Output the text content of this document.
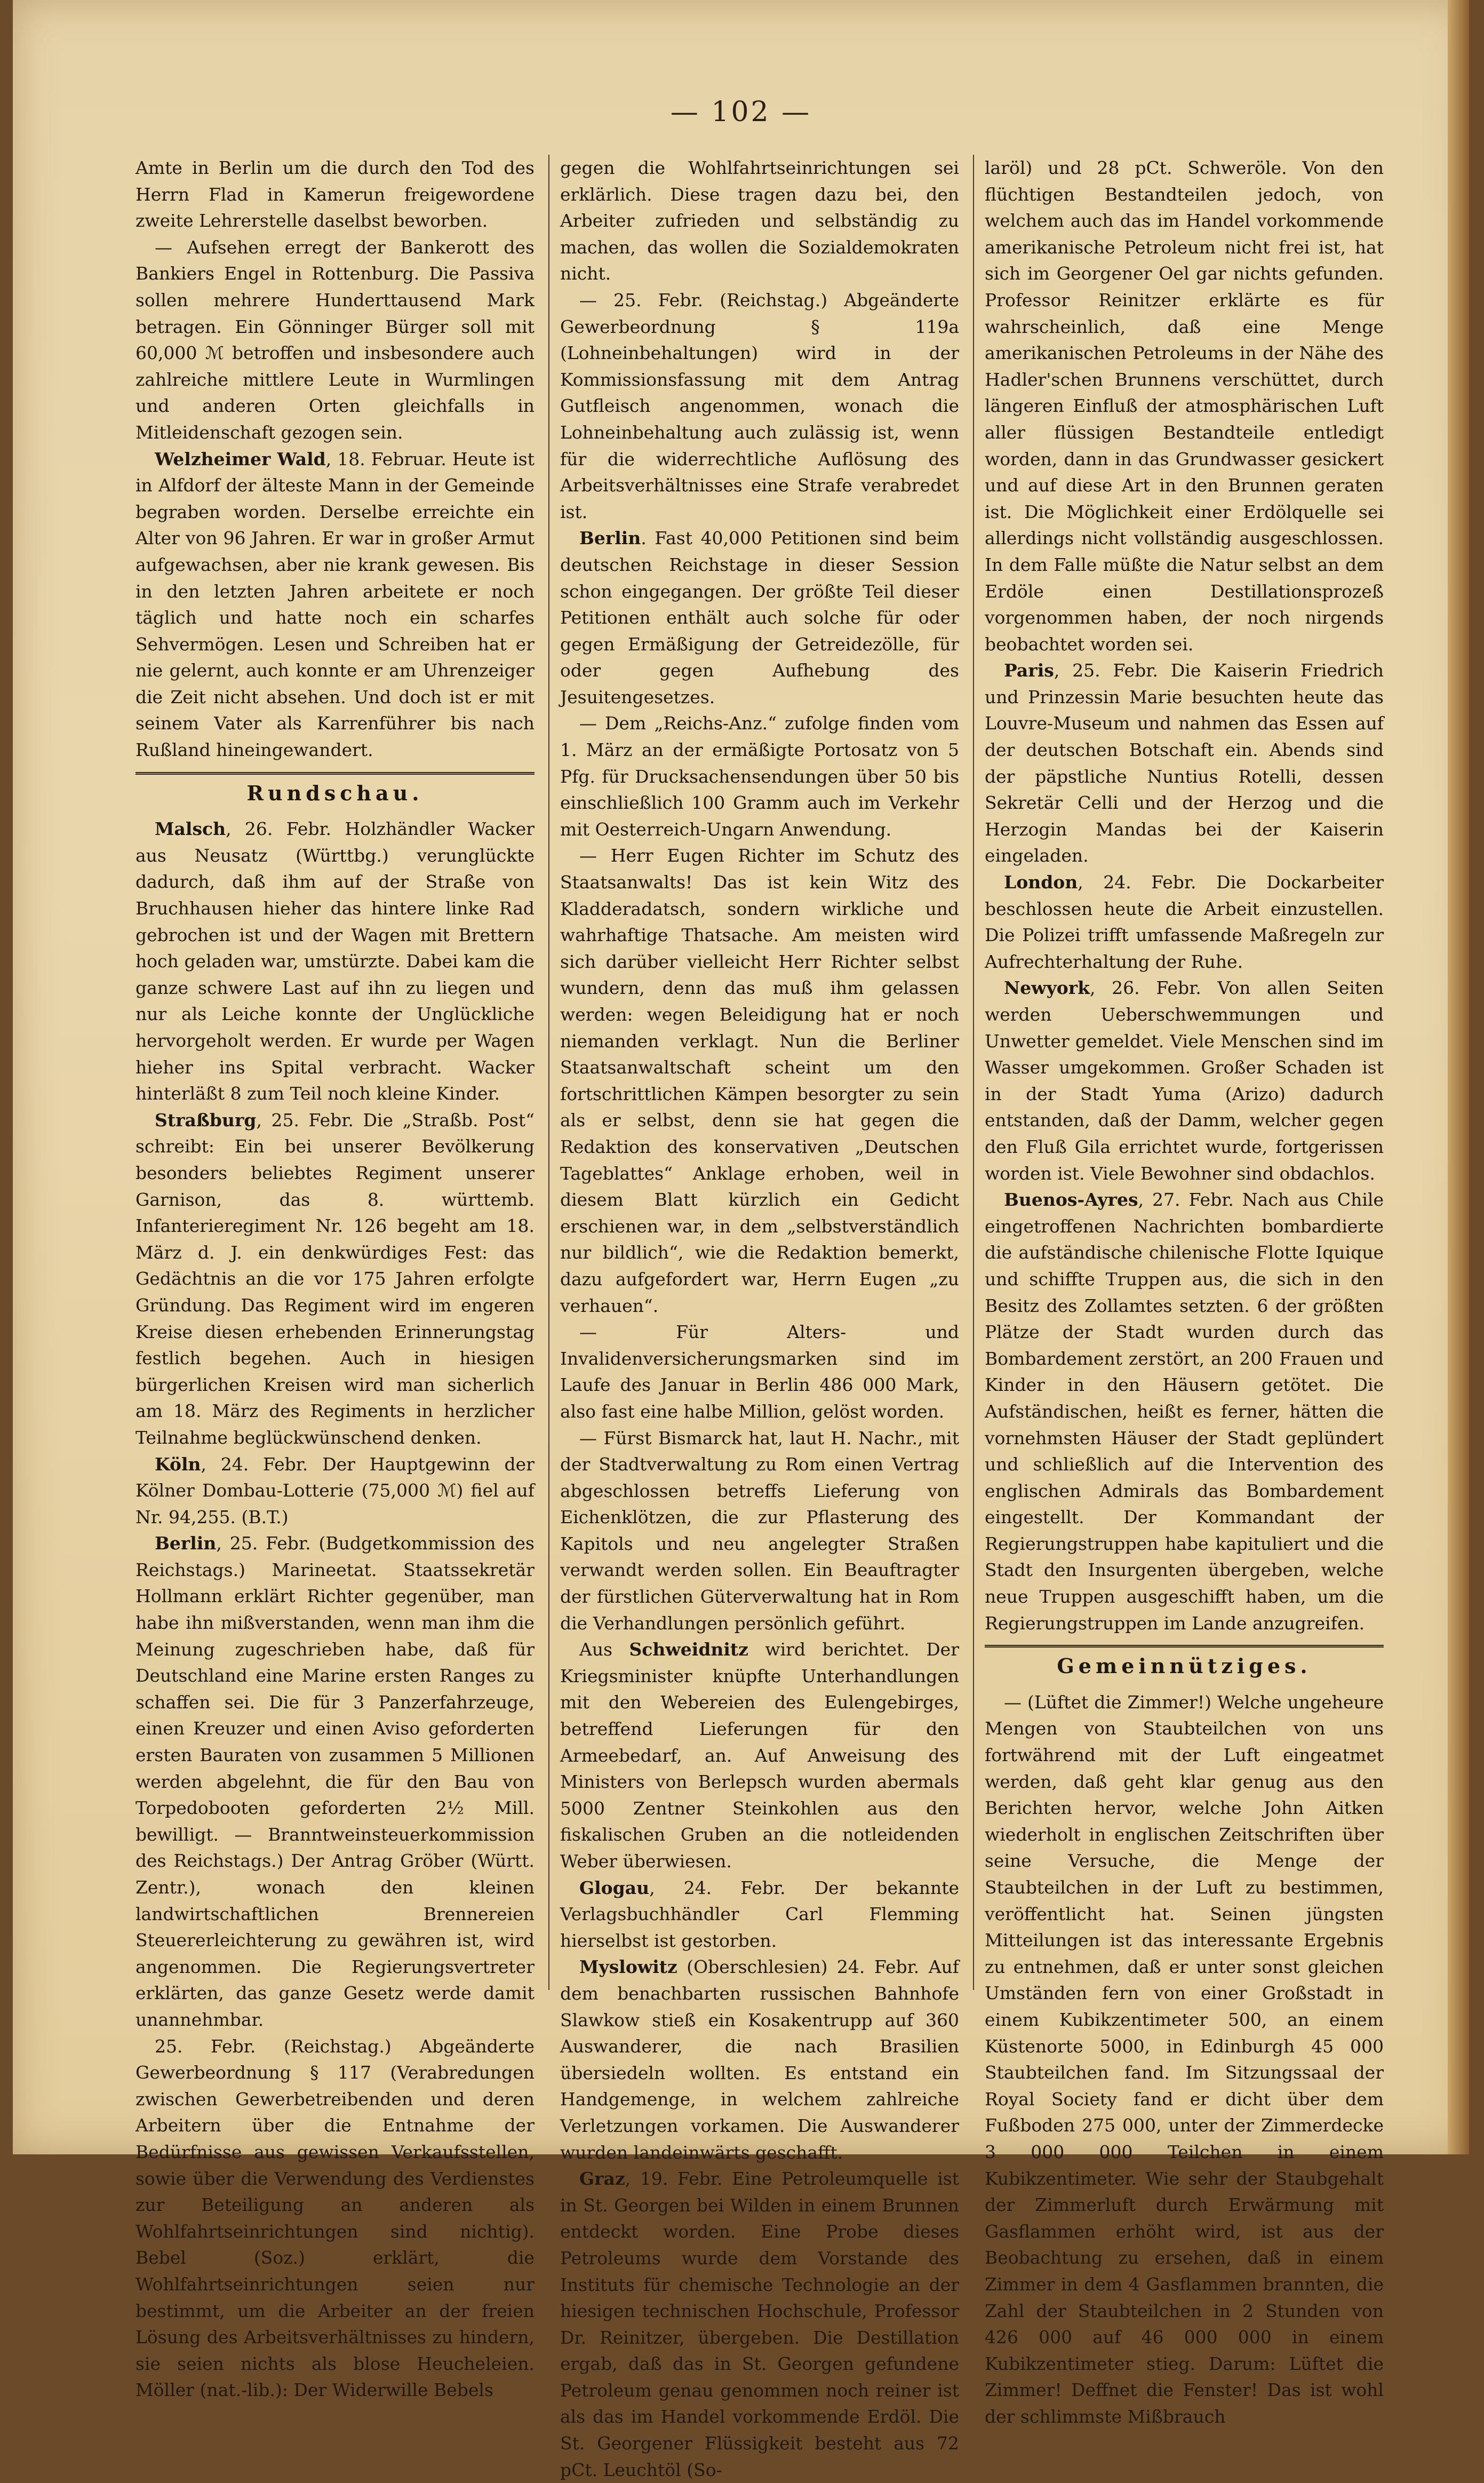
— 102 —

Amte in Berlin um die durch den Tod des Herrn Flad in Kamerun freigewordene zweite Lehrerstelle daselbst beworben.

— Aufsehen erregt der Bankerott des Bankiers Engel in Rottenburg. Die Passiva sollen mehrere Hunderttausend Mark betragen. Ein Gönninger Bürger soll mit 60,000 ℳ betroffen und insbesondere auch zahlreiche mittlere Leute in Wurmlingen und anderen Orten gleichfalls in Mitleidenschaft gezogen sein.

Welzheimer Wald, 18. Februar. Heute ist in Alfdorf der älteste Mann in der Gemeinde begraben worden. Derselbe erreichte ein Alter von 96 Jahren. Er war in großer Armut aufgewachsen, aber nie krank gewesen. Bis in den letzten Jahren arbeitete er noch täglich und hatte noch ein scharfes Sehvermögen. Lesen und Schreiben hat er nie gelernt, auch konnte er am Uhrenzeiger die Zeit nicht absehen. Und doch ist er mit seinem Vater als Karrenführer bis nach Rußland hineingewandert.

Rundschau.

Malsch, 26. Febr. Holzhändler Wacker aus Neusatz (Württbg.) verunglückte dadurch, daß ihm auf der Straße von Bruchhausen hieher das hintere linke Rad gebrochen ist und der Wagen mit Brettern hoch geladen war, umstürzte. Dabei kam die ganze schwere Last auf ihn zu liegen und nur als Leiche konnte der Unglückliche hervorgeholt werden. Er wurde per Wagen hieher ins Spital verbracht. Wacker hinterläßt 8 zum Teil noch kleine Kinder.

Straßburg, 25. Febr. Die „Straßb. Post“ schreibt: Ein bei unserer Bevölkerung besonders beliebtes Regiment unserer Garnison, das 8. württemb. Infanterieregiment Nr. 126 begeht am 18. März d. J. ein denkwürdiges Fest: das Gedächtnis an die vor 175 Jahren erfolgte Gründung. Das Regiment wird im engeren Kreise diesen erhebenden Erinnerungstag festlich begehen. Auch in hiesigen bürgerlichen Kreisen wird man sicherlich am 18. März des Regiments in herzlicher Teilnahme beglückwünschend denken.

Köln, 24. Febr. Der Hauptgewinn der Kölner Dombau-Lotterie (75,000 ℳ) fiel auf Nr. 94,255. (B.T.)

Berlin, 25. Febr. (Budgetkommission des Reichstags.) Marineetat. Staatssekretär Hollmann erklärt Richter gegenüber, man habe ihn mißverstanden, wenn man ihm die Meinung zugeschrieben habe, daß für Deutschland eine Marine ersten Ranges zu schaffen sei. Die für 3 Panzerfahrzeuge, einen Kreuzer und einen Aviso geforderten ersten Bauraten von zusammen 5 Millionen werden abgelehnt, die für den Bau von Torpedobooten geforderten 2½ Mill. bewilligt. — Branntweinsteuerkommission des Reichstags.) Der Antrag Gröber (Württ. Zentr.), wonach den kleinen landwirtschaftlichen Brennereien Steuererleichterung zu gewähren ist, wird angenommen. Die Regierungsvertreter erklärten, das ganze Gesetz werde damit unannehmbar.

25. Febr. (Reichstag.) Abgeänderte Gewerbeordnung § 117 (Verabredungen zwischen Gewerbetreibenden und deren Arbeitern über die Entnahme der Bedürfnisse aus gewissen Verkaufsstellen, sowie über die Verwendung des Verdienstes zur Beteiligung an anderen als Wohlfahrtseinrichtungen sind nichtig). Bebel (Soz.) erklärt, die Wohlfahrtseinrichtungen seien nur bestimmt, um die Arbeiter an der freien Lösung des Arbeitsverhältnisses zu hindern, sie seien nichts als blose Heucheleien. Möller (nat.-lib.): Der Widerwille Bebels

gegen die Wohlfahrtseinrichtungen sei erklärlich. Diese tragen dazu bei, den Arbeiter zufrieden und selbständig zu machen, das wollen die Sozialdemokraten nicht.

— 25. Febr. (Reichstag.) Abgeänderte Gewerbeordnung § 119a (Lohneinbehaltungen) wird in der Kommissionsfassung mit dem Antrag Gutfleisch angenommen, wonach die Lohneinbehaltung auch zulässig ist, wenn für die widerrechtliche Auflösung des Arbeitsverhältnisses eine Strafe verabredet ist.

Berlin. Fast 40,000 Petitionen sind beim deutschen Reichstage in dieser Session schon eingegangen. Der größte Teil dieser Petitionen enthält auch solche für oder gegen Ermäßigung der Getreidezölle, für oder gegen Aufhebung des Jesuitengesetzes.

— Dem „Reichs-Anz.“ zufolge finden vom 1. März an der ermäßigte Portosatz von 5 Pfg. für Drucksachensendungen über 50 bis einschließlich 100 Gramm auch im Verkehr mit Oesterreich-Ungarn Anwendung.

— Herr Eugen Richter im Schutz des Staatsanwalts! Das ist kein Witz des Kladderadatsch, sondern wirkliche und wahrhaftige Thatsache. Am meisten wird sich darüber vielleicht Herr Richter selbst wundern, denn das muß ihm gelassen werden: wegen Beleidigung hat er noch niemanden verklagt. Nun die Berliner Staatsanwaltschaft scheint um den fortschrittlichen Kämpen besorgter zu sein als er selbst, denn sie hat gegen die Redaktion des konservativen „Deutschen Tageblattes“ Anklage erhoben, weil in diesem Blatt kürzlich ein Gedicht erschienen war, in dem „selbstverständlich nur bildlich“, wie die Redaktion bemerkt, dazu aufgefordert war, Herrn Eugen „zu verhauen“.

— Für Alters- und Invalidenversicherungsmarken sind im Laufe des Januar in Berlin 486 000 Mark, also fast eine halbe Million, gelöst worden.

— Fürst Bismarck hat, laut H. Nachr., mit der Stadtverwaltung zu Rom einen Vertrag abgeschlossen betreffs Lieferung von Eichenklötzen, die zur Pflasterung des Kapitols und neu angelegter Straßen verwandt werden sollen. Ein Beauftragter der fürstlichen Güterverwaltung hat in Rom die Verhandlungen persönlich geführt.

Aus Schweidnitz wird berichtet. Der Kriegsminister knüpfte Unterhandlungen mit den Webereien des Eulengebirges, betreffend Lieferungen für den Armeebedarf, an. Auf Anweisung des Ministers von Berlepsch wurden abermals 5000 Zentner Steinkohlen aus den fiskalischen Gruben an die notleidenden Weber überwiesen.

Glogau, 24. Febr. Der bekannte Verlagsbuchhändler Carl Flemming hierselbst ist gestorben.

Myslowitz (Oberschlesien) 24. Febr. Auf dem benachbarten russischen Bahnhofe Slawkow stieß ein Kosakentrupp auf 360 Auswanderer, die nach Brasilien übersiedeln wollten. Es entstand ein Handgemenge, in welchem zahlreiche Verletzungen vorkamen. Die Auswanderer wurden landeinwärts geschafft.

Graz, 19. Febr. Eine Petroleumquelle ist in St. Georgen bei Wilden in einem Brunnen entdeckt worden. Eine Probe dieses Petroleums wurde dem Vorstande des Instituts für chemische Technologie an der hiesigen technischen Hochschule, Professor Dr. Reinitzer, übergeben. Die Destillation ergab, daß das in St. Georgen gefundene Petroleum genau genommen noch reiner ist als das im Handel vorkommende Erdöl. Die St. Georgener Flüssigkeit besteht aus 72 pCt. Leuchtöl (So-

laröl) und 28 pCt. Schweröle. Von den flüchtigen Bestandteilen jedoch, von welchem auch das im Handel vorkommende amerikanische Petroleum nicht frei ist, hat sich im Georgener Oel gar nichts gefunden. Professor Reinitzer erklärte es für wahrscheinlich, daß eine Menge amerikanischen Petroleums in der Nähe des Hadler'schen Brunnens verschüttet, durch längeren Einfluß der atmosphärischen Luft aller flüssigen Bestandteile entledigt worden, dann in das Grundwasser gesickert und auf diese Art in den Brunnen geraten ist. Die Möglichkeit einer Erdölquelle sei allerdings nicht vollständig ausgeschlossen. In dem Falle müßte die Natur selbst an dem Erdöle einen Destillationsprozeß vorgenommen haben, der noch nirgends beobachtet worden sei.

Paris, 25. Febr. Die Kaiserin Friedrich und Prinzessin Marie besuchten heute das Louvre-Museum und nahmen das Essen auf der deutschen Botschaft ein. Abends sind der päpstliche Nuntius Rotelli, dessen Sekretär Celli und der Herzog und die Herzogin Mandas bei der Kaiserin eingeladen.

London, 24. Febr. Die Dockarbeiter beschlossen heute die Arbeit einzustellen. Die Polizei trifft umfassende Maßregeln zur Aufrechterhaltung der Ruhe.

Newyork, 26. Febr. Von allen Seiten werden Ueberschwemmungen und Unwetter gemeldet. Viele Menschen sind im Wasser umgekommen. Großer Schaden ist in der Stadt Yuma (Arizo) dadurch entstanden, daß der Damm, welcher gegen den Fluß Gila errichtet wurde, fortgerissen worden ist. Viele Bewohner sind obdachlos.

Buenos-Ayres, 27. Febr. Nach aus Chile eingetroffenen Nachrichten bombardierte die aufständische chilenische Flotte Iquique und schiffte Truppen aus, die sich in den Besitz des Zollamtes setzten. 6 der größten Plätze der Stadt wurden durch das Bombardement zerstört, an 200 Frauen und Kinder in den Häusern getötet. Die Aufständischen, heißt es ferner, hätten die vornehmsten Häuser der Stadt geplündert und schließlich auf die Intervention des englischen Admirals das Bombardement eingestellt. Der Kommandant der Regierungstruppen habe kapituliert und die Stadt den Insurgenten übergeben, welche neue Truppen ausgeschifft haben, um die Regierungstruppen im Lande anzugreifen.

Gemeinnütziges.

— (Lüftet die Zimmer!) Welche ungeheure Mengen von Staubteilchen von uns fortwährend mit der Luft eingeatmet werden, daß geht klar genug aus den Berichten hervor, welche John Aitken wiederholt in englischen Zeitschriften über seine Versuche, die Menge der Staubteilchen in der Luft zu bestimmen, veröffentlicht hat. Seinen jüngsten Mitteilungen ist das interessante Ergebnis zu entnehmen, daß er unter sonst gleichen Umständen fern von einer Großstadt in einem Kubikzentimeter 500, an einem Küstenorte 5000, in Edinburgh 45 000 Staubteilchen fand. Im Sitzungssaal der Royal Society fand er dicht über dem Fußboden 275 000, unter der Zimmerdecke 3 000 000 Teilchen in einem Kubikzentimeter. Wie sehr der Staubgehalt der Zimmerluft durch Erwärmung mit Gasflammen erhöht wird, ist aus der Beobachtung zu ersehen, daß in einem Zimmer in dem 4 Gasflammen brannten, die Zahl der Staubteilchen in 2 Stunden von 426 000 auf 46 000 000 in einem Kubikzentimeter stieg. Darum: Lüftet die Zimmer! Deffnet die Fenster! Das ist wohl der schlimmste Mißbrauch
